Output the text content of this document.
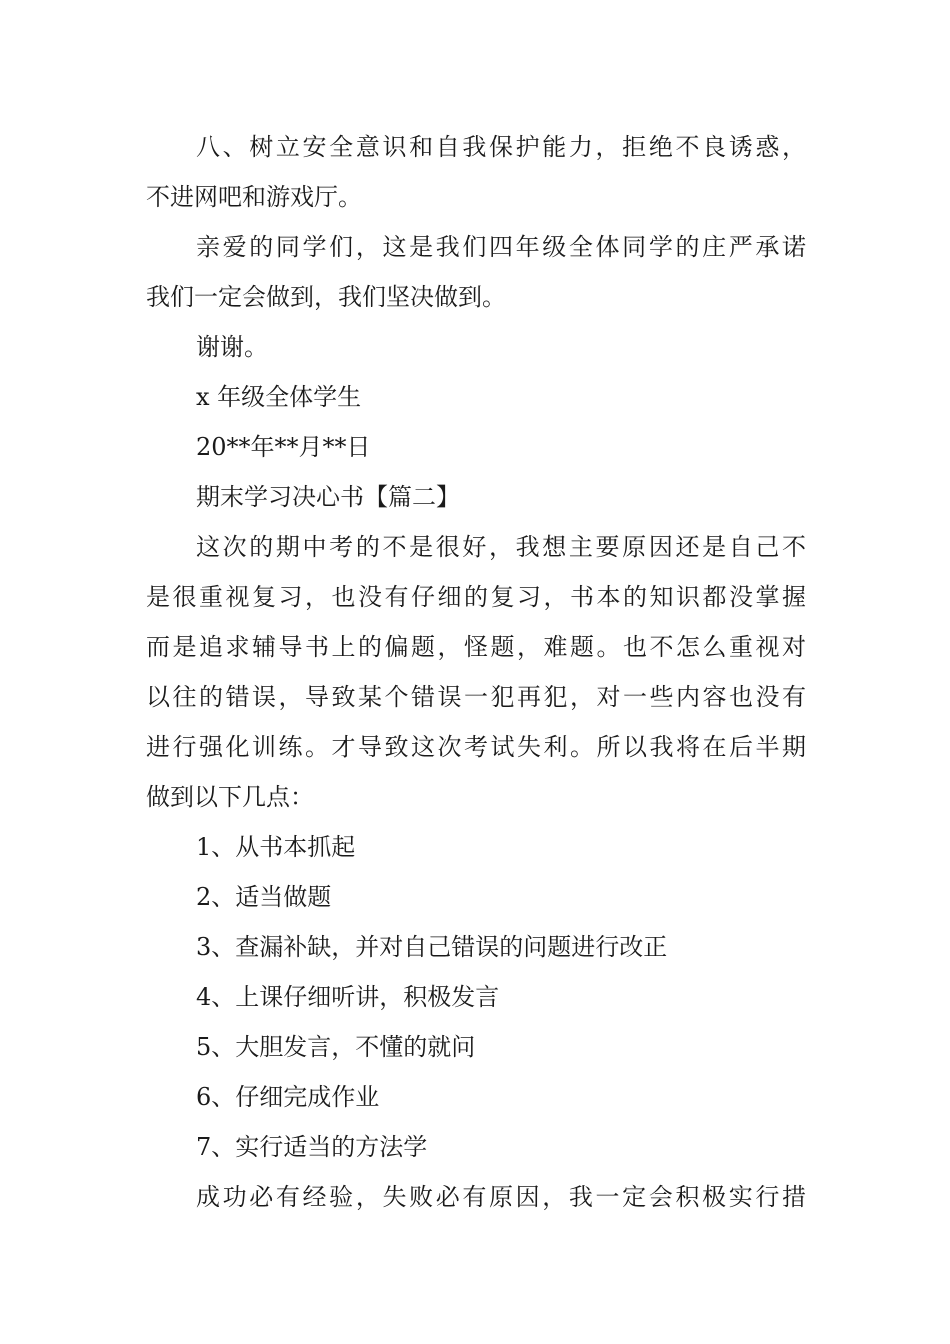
八、树立安全意识和自我保护能力，拒绝不良诱惑，
不进网吧和游戏厅。
亲爱的同学们，这是我们四年级全体同学的庄严承诺
我们一定会做到，我们坚决做到。
谢谢。
x 年级全体学生
20**年**月**日
期末学习决心书【篇二】
这次的期中考的不是很好，我想主要原因还是自己不
是很重视复习，也没有仔细的复习，书本的知识都没掌握
而是追求辅导书上的偏题，怪题，难题。也不怎么重视对
以往的错误，导致某个错误一犯再犯，对一些内容也没有
进行强化训练。才导致这次考试失利。所以我将在后半期
做到以下几点：
1、从书本抓起
2、适当做题
3、查漏补缺，并对自己错误的问题进行改正
4、上课仔细听讲，积极发言
5、大胆发言，不懂的就问
6、仔细完成作业
7、实行适当的方法学
成功必有经验，失败必有原因，我一定会积极实行措
